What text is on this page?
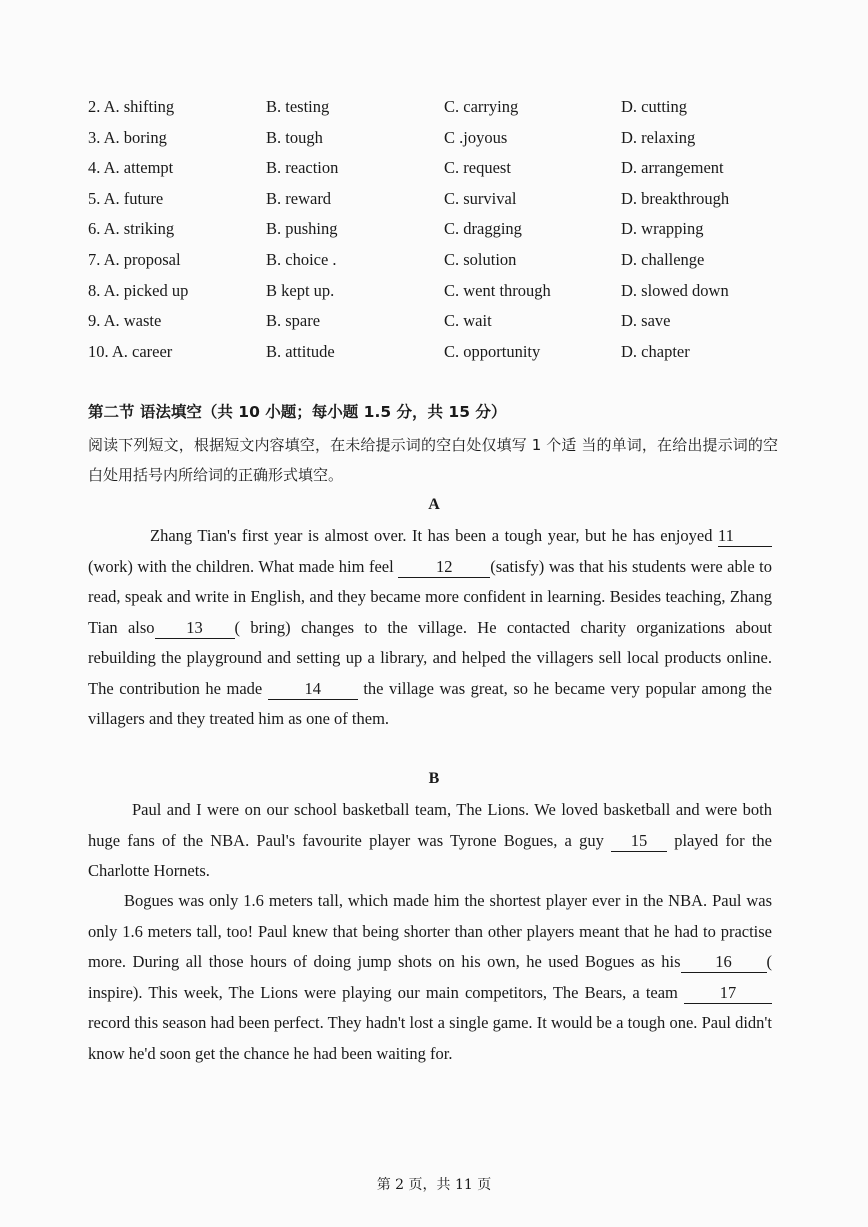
2. A. shifting	B. testing	C. carrying	D. cutting
3. A. boring	B. tough	C .joyous	D. relaxing
4. A. attempt	B. reaction	C. request	D. arrangement
5. A. future	B. reward	C. survival	D. breakthrough
6. A. striking	B. pushing	C. dragging	D. wrapping
7. A. proposal	B. choice .	C. solution	D. challenge
8. A. picked up	B kept up.	C. went through	D. slowed down
9. A. waste	B. spare	C. wait	D. save
10. A. career	B. attitude	C. opportunity	D. chapter
第二节 语法填空（共 10 小题；每小题 1.5 分，共 15 分）
阅读下列短文，根据短文内容填空，在未给提示词的空白处仅填写 1 个适 当的单词，在给出提示词的空白处用括号内所给词的正确形式填空。
A
Zhang Tian's first year is almost over. It has been a tough year, but he has enjoyed 11(work) with the children. What made him feel 12 (satisfy) was that his students were able to read, speak and write in English, and they became more confident in learning. Besides teaching, Zhang Tian also 13 ( bring) changes to the village. He contacted charity organizations about rebuilding the playground and setting up a library, and helped the villagers sell local products online. The contribution he made 14 the village was great, so he became very popular among the villagers and they treated him as one of them.
B
Paul and I were on our school basketball team, The Lions. We loved basketball and were both huge fans of the NBA. Paul's favourite player was Tyrone Bogues, a guy 15 played for the Charlotte Hornets.
Bogues was only 1.6 meters tall, which made him the shortest player ever in the NBA. Paul was only 1.6 meters tall, too! Paul knew that being shorter than other players meant that he had to practise more. During all those hours of doing jump shots on his own, he used Bogues as his 16 ( inspire). This week, The Lions were playing our main competitors, The Bears, a team 17record this season had been perfect. They hadn't lost a single game. It would be a tough one. Paul didn't know he'd soon get the chance he had been waiting for.
第 2 页，共 11 页
